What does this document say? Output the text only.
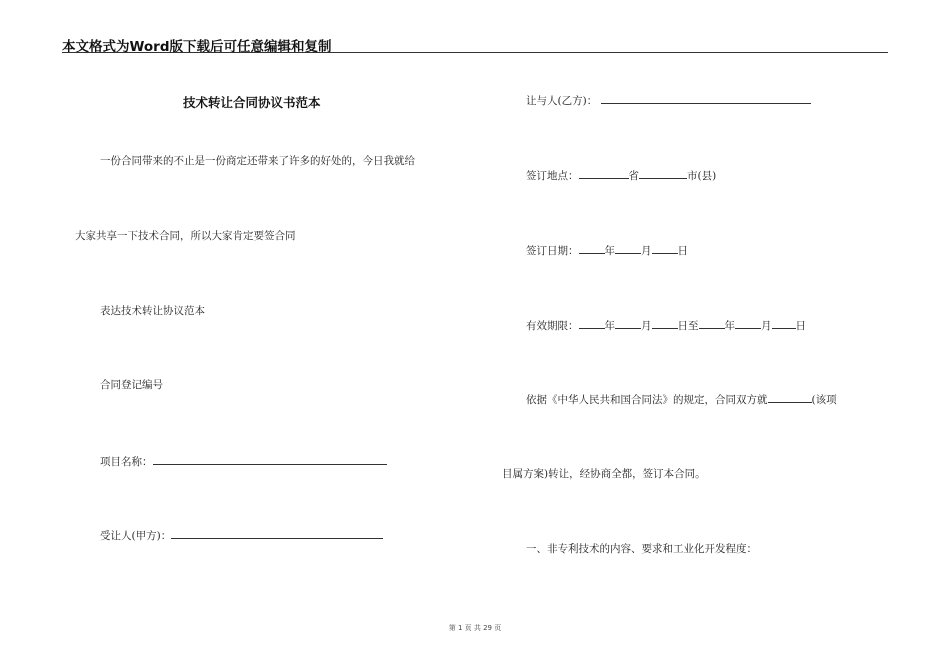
本文格式为Word版下载后可任意编辑和复制
技术转让合同协议书范本
一份合同带来的不止是一份商定还带来了许多的好处的，今日我就给
大家共享一下技术合同，所以大家肯定要签合同
表达技术转让协议范本
合同登记编号
项目名称：
受让人(甲方)：
让与人(乙方)：
签订地点：	省	市(县)
签订日期： 年 月 日
有效期限： 年 月 日至 年 月 日
依据《中华人民共和国合同法》的规定，合同双方就	(该项
目属方案)转让，经协商全都，签订本合同。
一、非专利技术的内容、要求和工业化开发程度：
第 1 页 共 29 页
